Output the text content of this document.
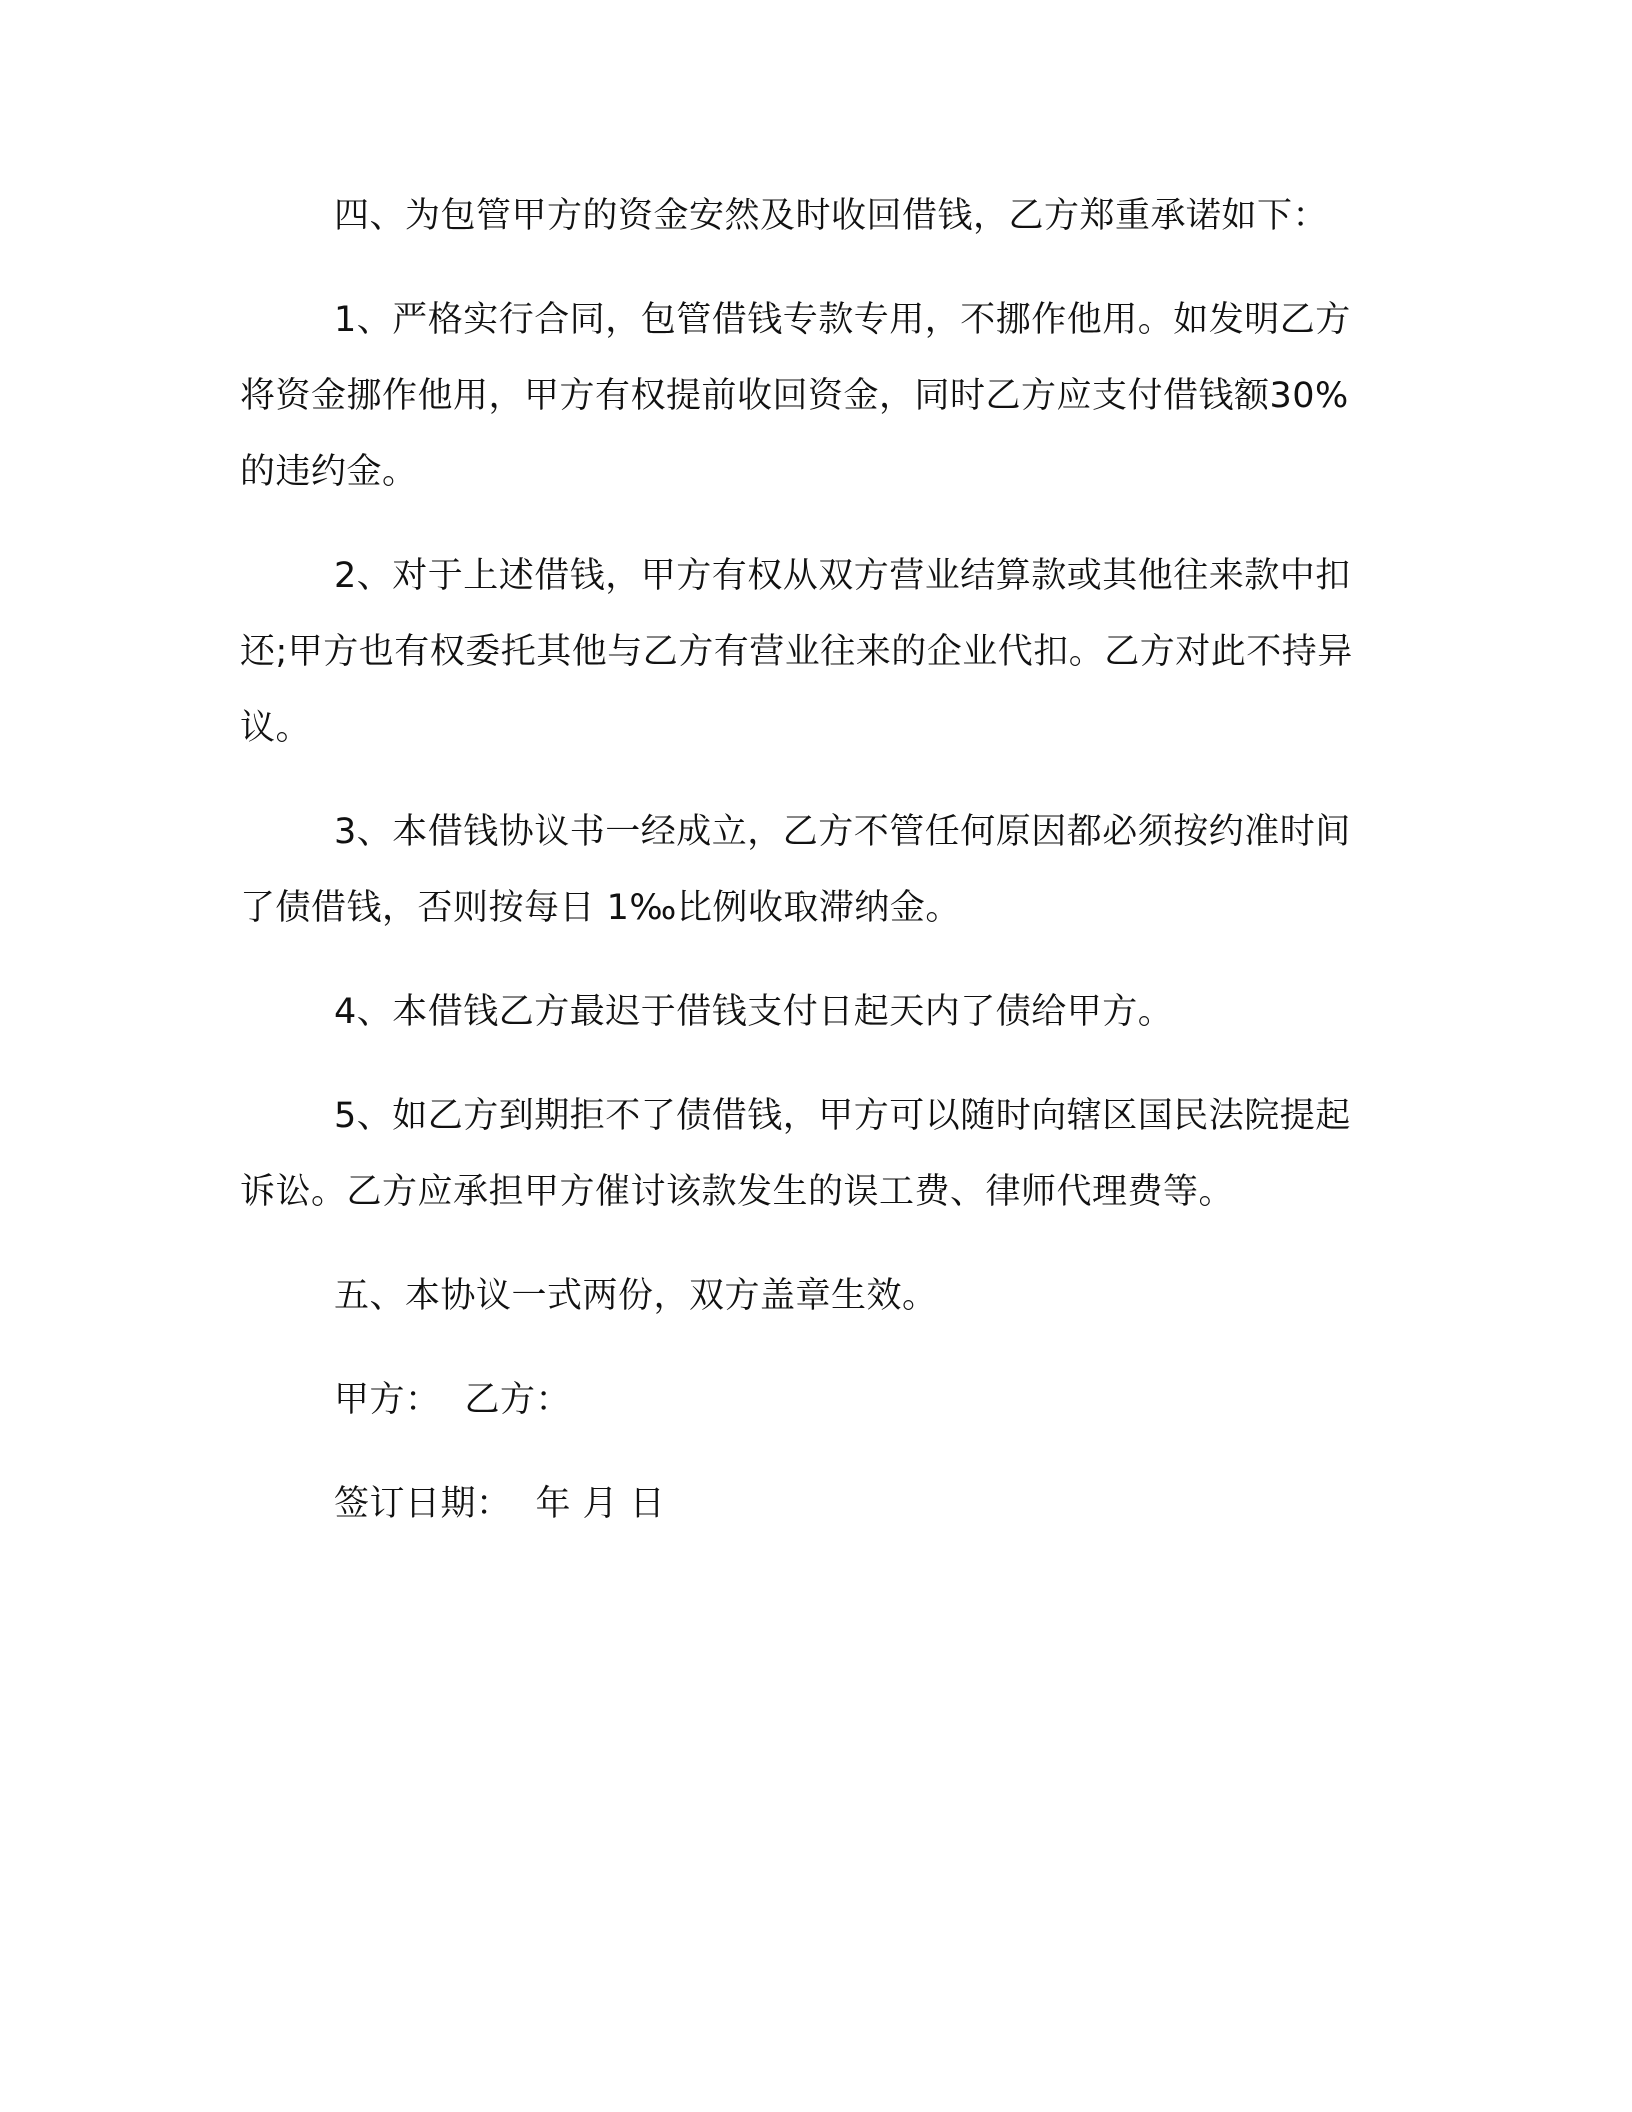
四、为包管甲方的资金安然及时收回借钱，乙方郑重承诺如下：

1、严格实行合同，包管借钱专款专用，不挪作他用。如发明乙方将资金挪作他用，甲方有权提前收回资金，同时乙方应支付借钱额30%的违约金。

2、对于上述借钱，甲方有权从双方营业结算款或其他往来款中扣还;甲方也有权委托其他与乙方有营业往来的企业代扣。乙方对此不持异议。

3、本借钱协议书一经成立，乙方不管任何原因都必须按约准时间了债借钱，否则按每日 1‰比例收取滞纳金。

4、本借钱乙方最迟于借钱支付日起天内了债给甲方。

5、如乙方到期拒不了债借钱，甲方可以随时向辖区国民法院提起诉讼。乙方应承担甲方催讨该款发生的误工费、律师代理费等。

五、本协议一式两份，双方盖章生效。

甲方： 乙方：

签订日期： 年 月 日
